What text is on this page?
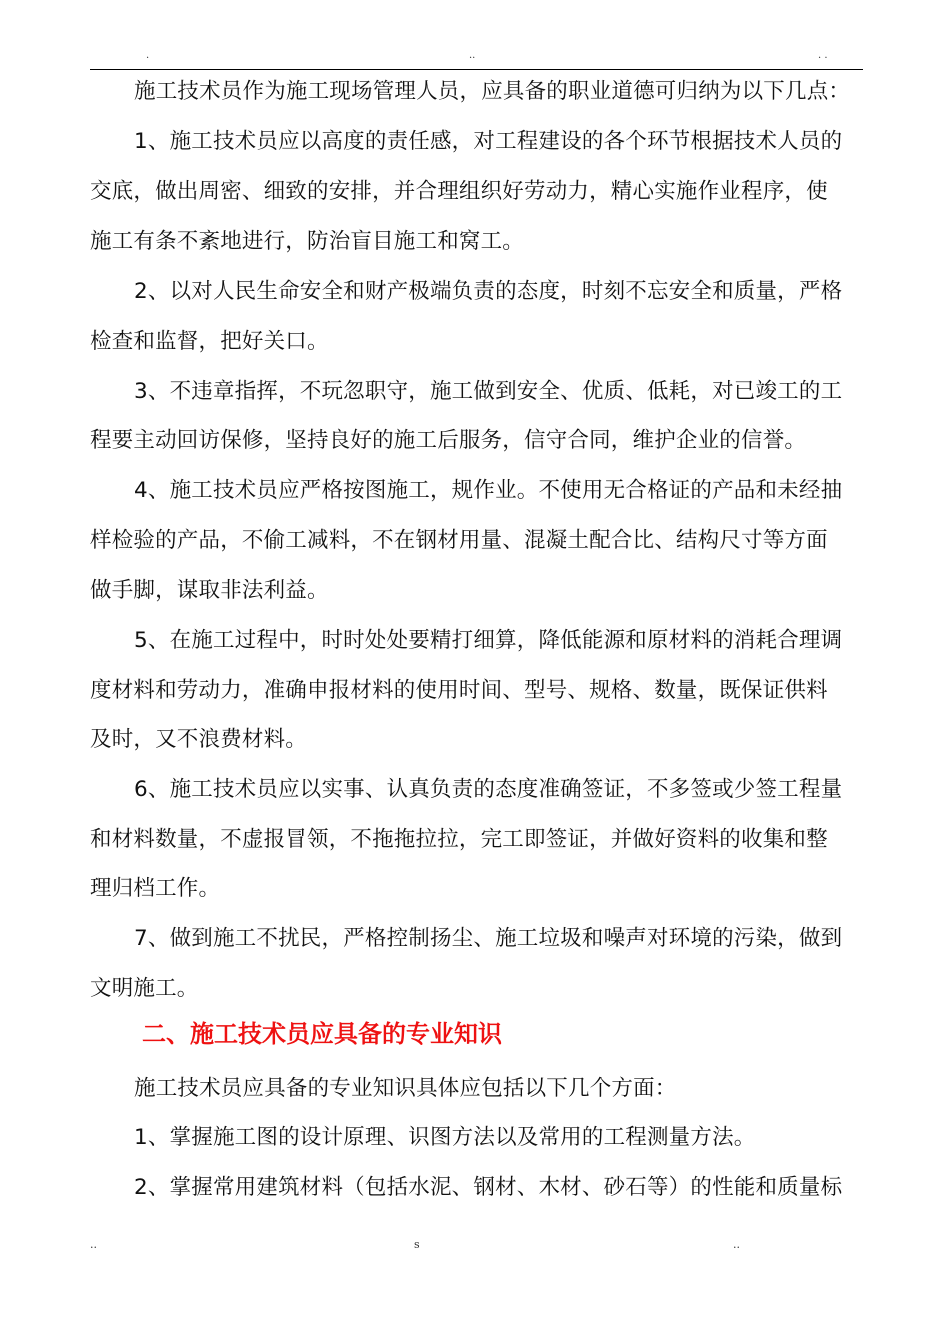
.	..	. .
施工技术员作为施工现场管理人员，应具备的职业道德可归纳为以下几点：
1、施工技术员应以高度的责任感，对工程建设的各个环节根据技术人员的
交底，做出周密、细致的安排，并合理组织好劳动力，精心实施作业程序，使
施工有条不紊地进行，防治盲目施工和窝工。
2、以对人民生命安全和财产极端负责的态度，时刻不忘安全和质量，严格
检查和监督，把好关口。
3、不违章指挥，不玩忽职守，施工做到安全、优质、低耗，对已竣工的工
程要主动回访保修，坚持良好的施工后服务，信守合同，维护企业的信誉。
4、施工技术员应严格按图施工，规作业。不使用无合格证的产品和未经抽
样检验的产品，不偷工减料，不在钢材用量、混凝土配合比、结构尺寸等方面
做手脚，谋取非法利益。
5、在施工过程中，时时处处要精打细算，降低能源和原材料的消耗合理调
度材料和劳动力，准确申报材料的使用时间、型号、规格、数量，既保证供料
及时，又不浪费材料。
6、施工技术员应以实事、认真负责的态度准确签证，不多签或少签工程量
和材料数量，不虚报冒领，不拖拖拉拉，完工即签证，并做好资料的收集和整
理归档工作。
7、做到施工不扰民，严格控制扬尘、施工垃圾和噪声对环境的污染，做到
文明施工。
二、施工技术员应具备的专业知识
施工技术员应具备的专业知识具体应包括以下几个方面：
1、掌握施工图的设计原理、识图方法以及常用的工程测量方法。
2、掌握常用建筑材料（包括水泥、钢材、木材、砂石等）的性能和质量标
..	s	..
